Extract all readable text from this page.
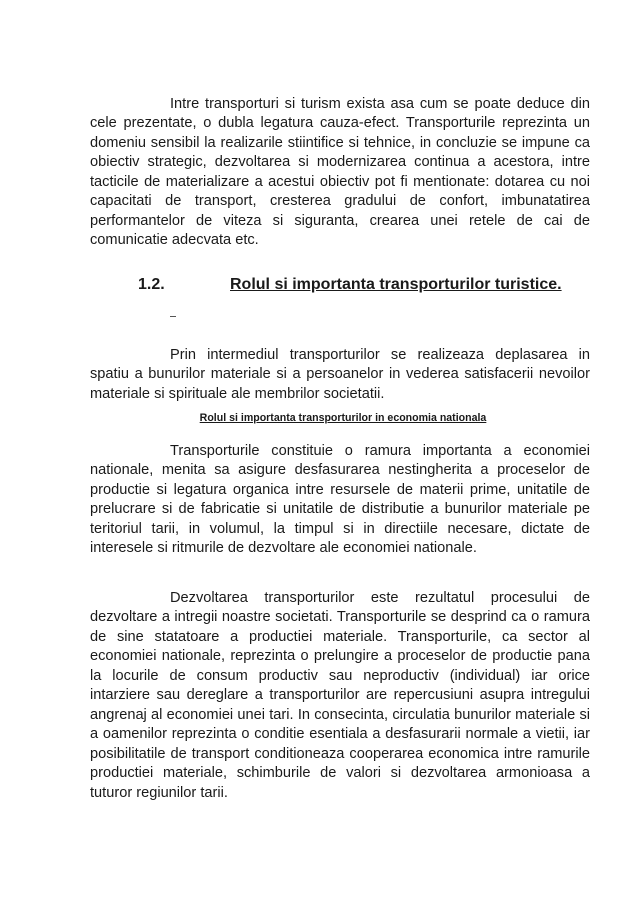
Intre transporturi si turism exista asa cum se poate deduce din cele prezentate, o dubla legatura cauza-efect. Transporturile reprezinta un domeniu sensibil la realizarile stiintifice si tehnice, in concluzie se impune ca obiectiv strategic, dezvoltarea si modernizarea continua a acestora, intre tacticile de materializare a acestui obiectiv pot fi mentionate: dotarea cu noi capacitati de transport, cresterea gradului de confort, imbunatatirea performantelor de viteza si siguranta, crearea unei retele de cai de comunicatie adecvata etc.

1.2.	Rolul si importanta transporturilor turistice.

Prin intermediul transporturilor se realizeaza deplasarea in spatiu a bunurilor materiale si a persoanelor in vederea satisfacerii nevoilor materiale si spirituale ale membrilor societatii.

Rolul si importanta transporturilor in economia nationala

Transporturile constituie o ramura importanta a economiei nationale, menita sa asigure desfasurarea nestingherita a proceselor de productie si legatura organica intre resursele de materii prime, unitatile de prelucrare si de fabricatie si unitatile de distributie a bunurilor materiale pe teritoriul tarii, in volumul, la timpul si in directiile necesare, dictate de interesele si ritmurile de dezvoltare ale economiei nationale.

Dezvoltarea transporturilor este rezultatul procesului de dezvoltare a intregii noastre societati. Transporturile se desprind ca o ramura de sine statatoare a productiei materiale. Transporturile, ca sector al economiei nationale, reprezinta o prelungire a proceselor de productie pana la locurile de consum productiv sau neproductiv (individual) iar orice intarziere sau dereglare a transporturilor are repercusiuni asupra intregului angrenaj al economiei unei tari. In consecinta, circulatia bunurilor materiale si a oamenilor reprezinta o conditie esentiala a desfasurarii normale a vietii, iar posibilitatile de transport conditioneaza cooperarea economica intre ramurile productiei materiale, schimburile de valori si dezvoltarea armonioasa a tuturor regiunilor tarii.
